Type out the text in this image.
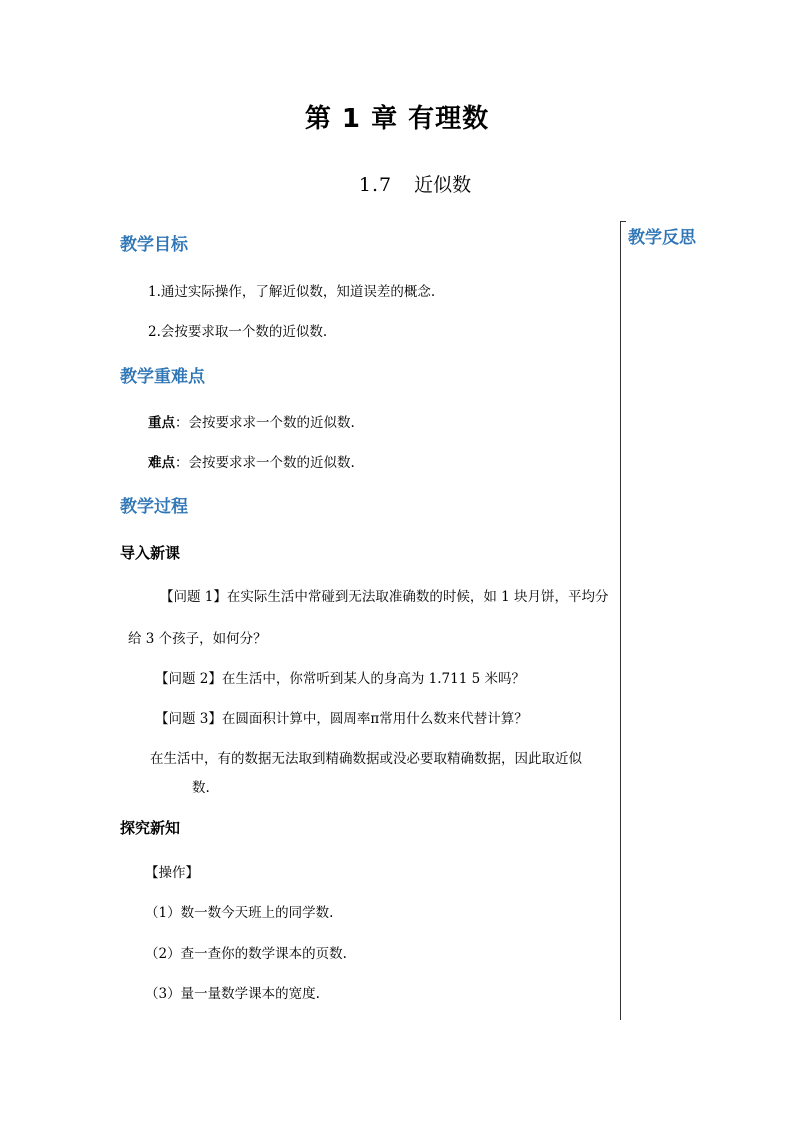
第 1 章 有理数
1.7 近似数
教学反思
教学目标
1.通过实际操作，了解近似数，知道误差的概念.
2.会按要求取一个数的近似数.
教学重难点
重点：会按要求求一个数的近似数.
难点：会按要求求一个数的近似数.
教学过程
导入新课
【问题 1】在实际生活中常碰到无法取准确数的时候，如 1 块月饼，平均分
给 3 个孩子，如何分？
【问题 2】在生活中，你常听到某人的身高为 1.711 5 米吗？
【问题 3】在圆面积计算中，圆周率π常用什么数来代替计算？
在生活中，有的数据无法取到精确数据或没必要取精确数据，因此取近似
数.
探究新知
【操作】
（1）数一数今天班上的同学数.
（2）查一查你的数学课本的页数.
（3）量一量数学课本的宽度.
